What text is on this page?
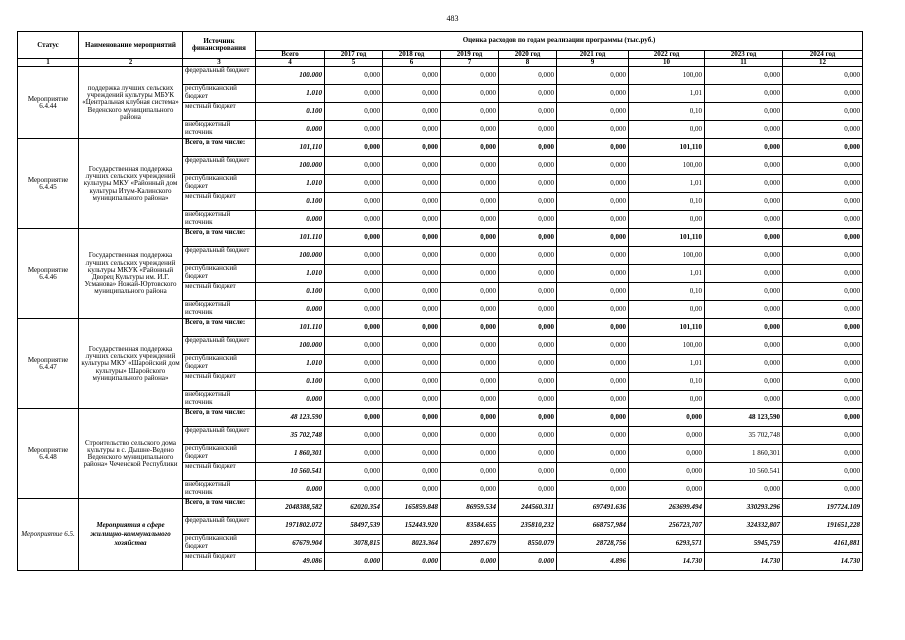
483
Статус	Наименование мероприятий	Источник финансирования	Оценка расходов по годам реализации программы (тыс.руб.)								
			Всего	2017 год	2018 год	2019 год	2020 год	2021 год	2022 год	2023 год	2024 год
1	2	3	4	5	6	7	8	9	10	11	12
Мероприятие 6.4.44	поддержка лучших сельских учреждений культуры МБУК «Центральная клубная система» Веденского муниципального района	федеральный бюджет	100.000	0,000	0,000	0,000	0,000	0,000	100,00	0,000	0,000
		республиканский бюджет	1.010	0,000	0,000	0,000	0,000	0,000	1,01	0,000	0,000
		местный бюджет	0.100	0,000	0,000	0,000	0,000	0,000	0,10	0,000	0,000
		внебюджетный источник	0.000	0,000	0,000	0,000	0,000	0,000	0,00	0,000	0,000
Мероприятие 6.4.45	Государственная поддержка лучших сельских учреждений культуры МКУ «Районный дом культуры Итум-Калинского муниципального района»	Всего, в том числе:	101,110	0,000	0,000	0,000	0,000	0,000	101,110	0,000	0,000
		федеральный бюджет	100.000	0,000	0,000	0,000	0,000	0,000	100,00	0,000	0,000
		республиканский бюджет	1.010	0,000	0,000	0,000	0,000	0,000	1,01	0,000	0,000
		местный бюджет	0.100	0,000	0,000	0,000	0,000	0,000	0,10	0,000	0,000
		внебюджетный источник	0.000	0,000	0,000	0,000	0,000	0,000	0,00	0,000	0,000
Мероприятие 6.4.46	Государственная поддержка лучших сельских учреждений культуры МКУК «Районный Дворец Культуры им. И.Г. Усманова» Ножай-Юртовского муниципального района	Всего, в том числе:	101.110	0,000	0,000	0,000	0,000	0,000	101,110	0,000	0,000
		федеральный бюджет	100.000	0,000	0,000	0,000	0,000	0,000	100,00	0,000	0,000
		республиканский бюджет	1.010	0,000	0,000	0,000	0,000	0,000	1,01	0,000	0,000
		местный бюджет	0.100	0,000	0,000	0,000	0,000	0,000	0,10	0,000	0,000
		внебюджетный источник	0.000	0,000	0,000	0,000	0,000	0,000	0,00	0,000	0,000
Мероприятие 6.4.47	Государственная поддержка лучших сельских учреждений культуры МКУ «Шаройский дом культуры» Шаройского муниципального района»	Всего, в том числе:	101.110	0,000	0,000	0,000	0,000	0,000	101,110	0,000	0,000
		федеральный бюджет	100.000	0,000	0,000	0,000	0,000	0,000	100,00	0,000	0,000
		республиканский бюджет	1.010	0,000	0,000	0,000	0,000	0,000	1,01	0,000	0,000
		местный бюджет	0.100	0,000	0,000	0,000	0,000	0,000	0,10	0,000	0,000
		внебюджетный источник	0.000	0,000	0,000	0,000	0,000	0,000	0,00	0,000	0,000
Мероприятие 6.4.48	Строительство сельского дома культуры в с. Дышне-Ведено Веденского муниципального района» Чеченской Республики	Всего, в том числе:	48 123.590	0,000	0,000	0,000	0,000	0,000	0,000	48 123,590	0,000
		федеральный бюджет	35 702,748	0,000	0,000	0,000	0,000	0,000	0,000	35 702,748	0,000
		республиканский бюджет	1 860,301	0,000	0,000	0,000	0,000	0,000	0,000	1 860,301	0,000
		местный бюджет	10 560.541	0,000	0,000	0,000	0,000	0,000	0,000	10 560.541	0,000
		внебюджетный источник	0.000	0,000	0,000	0,000	0,000	0,000	0,000	0,000	0,000
Мероприятие 6.5.	Мероприятия в сфере жилищно-коммунального хозяйства	Всего, в том числе:	2048388,582	62020.354	165859.848	86959.534	244560.311	697491.636	263699.494	330293.296	197724.109
		федеральный бюджет	1971802.072	58497,539	152443.920	83584.655	235810,232	668757,984	256723,707	324332,807	191651,228
		республиканский бюджет	67679.904	3078,815	8023.364	2897.679	8550.079	28728,756	6293,571	5945,759	4161,881
		местный бюджет	49.086	0.000	0.000	0.000	0.000	4.896	14.730	14.730	14.730
